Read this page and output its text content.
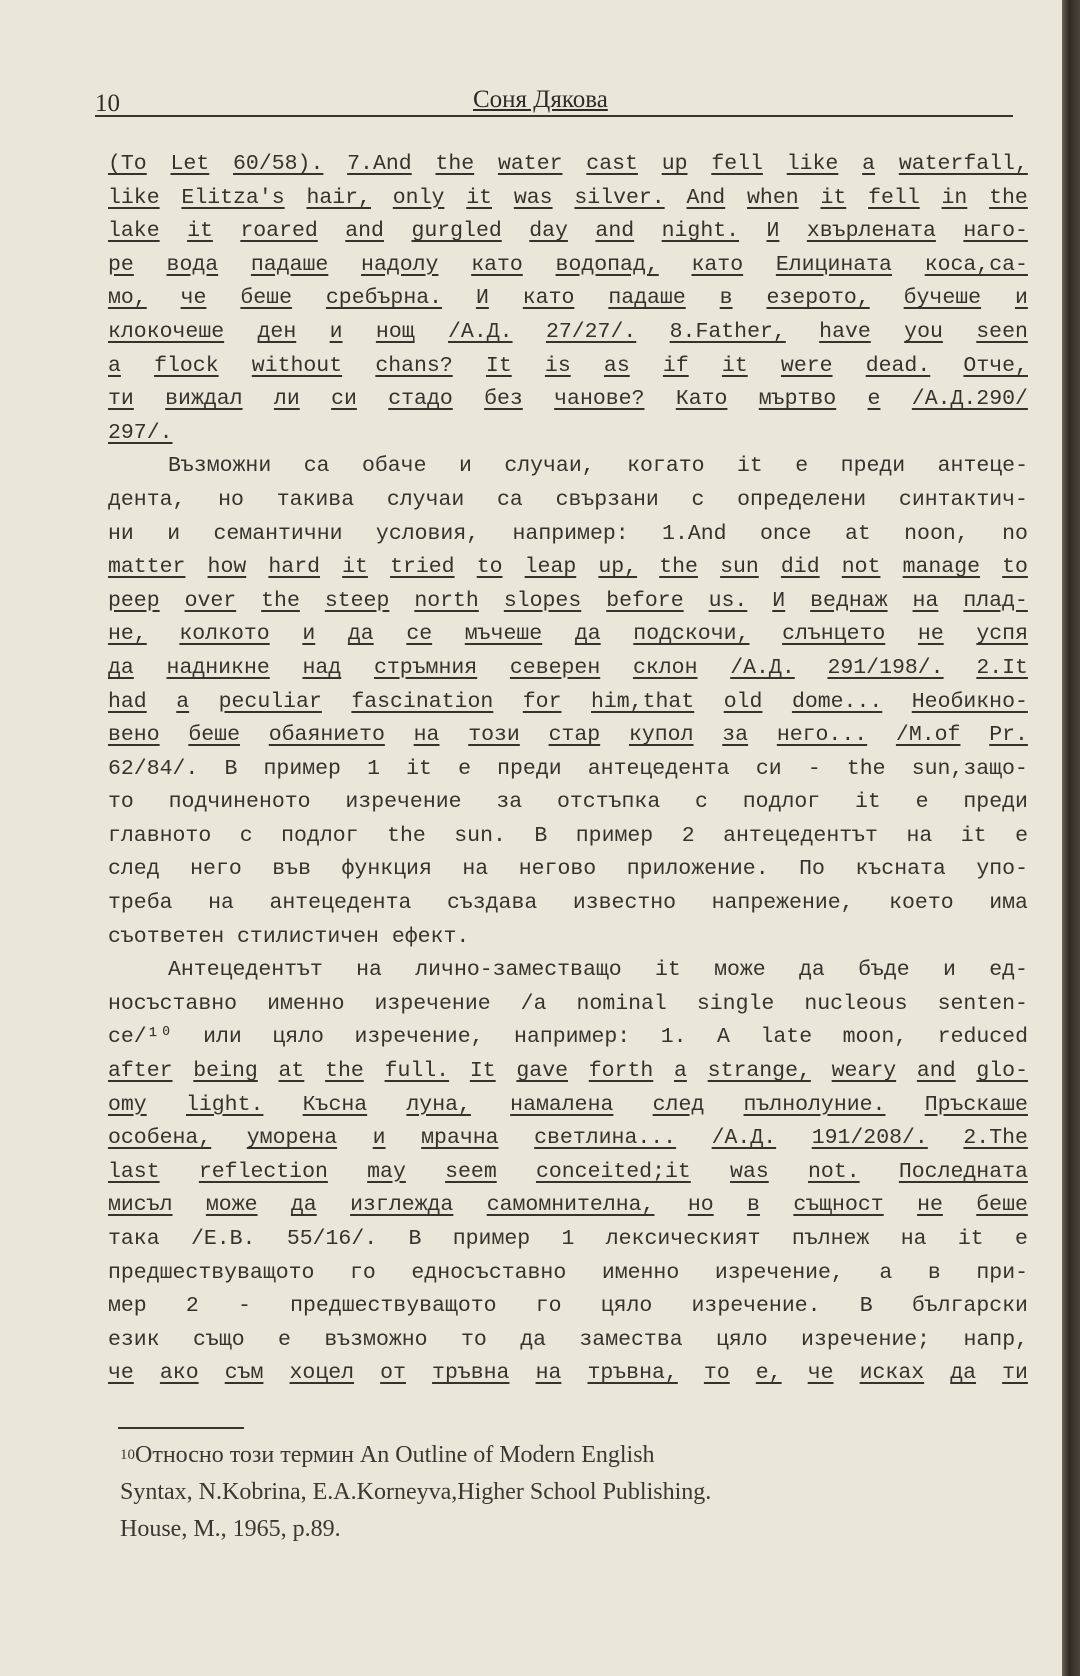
10	Соня Дякова
(To Let 60/58). 7.And the water cast up fell like a waterfall,
like Elitza's hair, only it was silver. And when it fell in the
lake it roared and gurgled day and night. И хвърлената наго-
ре вода падаше надолу като водопад, като Елицината коса,са-
мо, че беше сребърна. И като падаше в езерото, бучеше и
клокочеше ден и нощ /А.Д. 27/27/. 8.Father, have you seen
a flock without chans? It is as if it were dead. Отче,
ти виждал ли си стадо без чанове? Като мъртво е /А.Д.290/
297/.
Възможни са обаче и случаи, когато it е преди антеце-
дента, но такива случаи са свързани с определени синтактич-
ни и семантични условия, например: 1.And once at noon, no
matter how hard it tried to leap up, the sun did not manage to
peep over the steep north slopes before us. И веднаж на плад-
не, колкото и да се мъчеше да подскочи, слънцето не успя
да надникне над стръмния северен склон /А.Д. 291/198/. 2.It
had a peculiar fascination for him,that old dome... Необикно-
вено беше обаянието на този стар купол за него... /M.of Pr.
62/84/. В пример 1 it е преди антецедента си - the sun,защо-
то подчиненото изречение за отстъпка с подлог it е преди
главното с подлог the sun. В пример 2 антецедентът на it е
след него във функция на негово приложение. По късната упо-
треба на антецедента създава известно напрежение, което има
съответен стилистичен ефект.
Антецедентът на лично-заместващо it може да бъде и ед-
носъставно именно изречение /a nominal single nucleous senten-
ce/¹⁰ или цяло изречение, например: 1. A late moon, reduced
after being at the full. It gave forth a strange, weary and glo-
omy light. Късна луна, намалена след пълнолуние. Пръскаше
особена, уморена и мрачна светлина... /А.Д. 191/208/. 2.The
last reflection may seem conceited;it was not. Последната
мисъл може да изглежда самомнителна, но в същност не беше
така /Е.В. 55/16/. В пример 1 лексическият пълнеж на it е
предшествуващото го едносъставно именно изречение, а в при-
мер 2 - предшествуващото го цяло изречение. В български
език също е възможно то да замества цяло изречение; напр,
че ако съм хоцел от тръвна на тръвна, то е, че исках да ти
10 Относно този термин An Outline of Modern English
Syntax, N.Kobrina, E.A.Korneyva,Higher School Publishing.
House, M., 1965, p.89.
